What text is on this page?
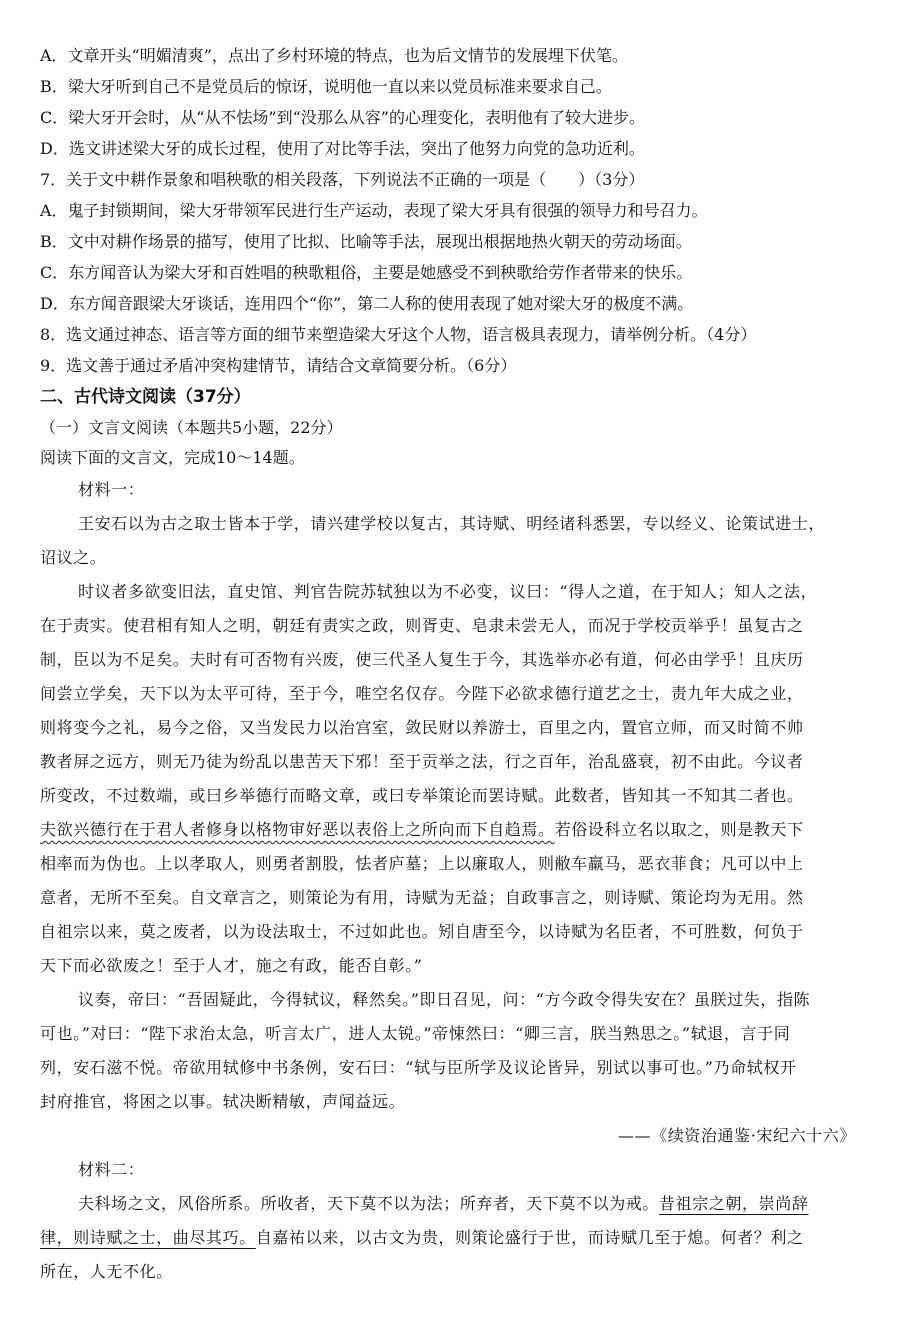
A．文章开头“明媚清爽”，点出了乡村环境的特点，也为后文情节的发展埋下伏笔。
B．梁大牙听到自己不是党员后的惊讶，说明他一直以来以党员标准来要求自己。
C．梁大牙开会时，从“从不怯场”到“没那么从容”的心理变化，表明他有了较大进步。
D．选文讲述梁大牙的成长过程，使用了对比等手法，突出了他努力向党的急功近利。
7．关于文中耕作景象和唱秧歌的相关段落，下列说法不正确的一项是（　　）（3分）
A．鬼子封锁期间，梁大牙带领军民进行生产运动，表现了梁大牙具有很强的领导力和号召力。
B．文中对耕作场景的描写，使用了比拟、比喻等手法，展现出根据地热火朝天的劳动场面。
C．东方闻音认为梁大牙和百姓唱的秧歌粗俗，主要是她感受不到秧歌给劳作者带来的快乐。
D．东方闻音跟梁大牙谈话，连用四个“你”，第二人称的使用表现了她对梁大牙的极度不满。
8．选文通过神态、语言等方面的细节来塑造梁大牙这个人物，语言极具表现力，请举例分析。（4分）
9．选文善于通过矛盾冲突构建情节，请结合文章简要分析。（6分）
二、古代诗文阅读（37分）
（一）文言文阅读（本题共5小题，22分）
阅读下面的文言文，完成10～14题。
材料一：
王安石以为古之取士皆本于学，请兴建学校以复古，其诗赋、明经诸科悉罢，专以经义、论策试进士，
诏议之。
时议者多欲变旧法，直史馆、判官告院苏轼独以为不必变，议曰：“得人之道，在于知人；知人之法，
在于责实。使君相有知人之明，朝廷有责实之政，则胥吏、皂隶未尝无人，而况于学校贡举乎！虽复古之
制，臣以为不足矣。夫时有可否物有兴废，使三代圣人复生于今，其选举亦必有道，何必由学乎！且庆历
间尝立学矣，天下以为太平可待，至于今，唯空名仅存。今陛下必欲求德行道艺之士，责九年大成之业，
则将变今之礼，易今之俗，又当发民力以治宫室，敛民财以养游士，百里之内，置官立师，而又时简不帅
教者屏之远方，则无乃徒为纷乱以患苦天下邪！至于贡举之法，行之百年，治乱盛衰，初不由此。今议者
所变改，不过数端，或曰乡举德行而略文章，或曰专举策论而罢诗赋。此数者，皆知其一不知其二者也。
夫欲兴德行在于君人者修身以格物审好恶以表俗上之所向而下自趋焉。若俗设科立名以取之，则是教天下
相率而为伪也。上以孝取人，则勇者割股，怯者庐墓；上以廉取人，则敝车羸马，恶衣菲食；凡可以中上
意者，无所不至矣。自文章言之，则策论为有用，诗赋为无益；自政事言之，则诗赋、策论均为无用。然
自祖宗以来，莫之废者，以为设法取士，不过如此也。矧自唐至今，以诗赋为名臣者，不可胜数，何负于
天下而必欲废之！至于人才，施之有政，能否自彰。”
议奏，帝曰：“吾固疑此，今得轼议，释然矣。”即日召见，问：“方今政令得失安在？虽朕过失，指陈
可也。”对曰：“陛下求治太急，听言太广，进人太锐。”帝悚然曰：“卿三言，朕当熟思之。”轼退，言于同
列，安石滋不悦。帝欲用轼修中书条例，安石曰：“轼与臣所学及议论皆异，别试以事可也。”乃命轼权开
封府推官，将困之以事。轼决断精敏，声闻益远。
——《续资治通鉴·宋纪六十六》
材料二：
夫科场之文，风俗所系。所收者，天下莫不以为法；所弃者，天下莫不以为戒。昔祖宗之朝，崇尚辞
律，则诗赋之士，曲尽其巧。自嘉祐以来，以古文为贵，则策论盛行于世，而诗赋几至于熄。何者？利之
所在，人无不化。
